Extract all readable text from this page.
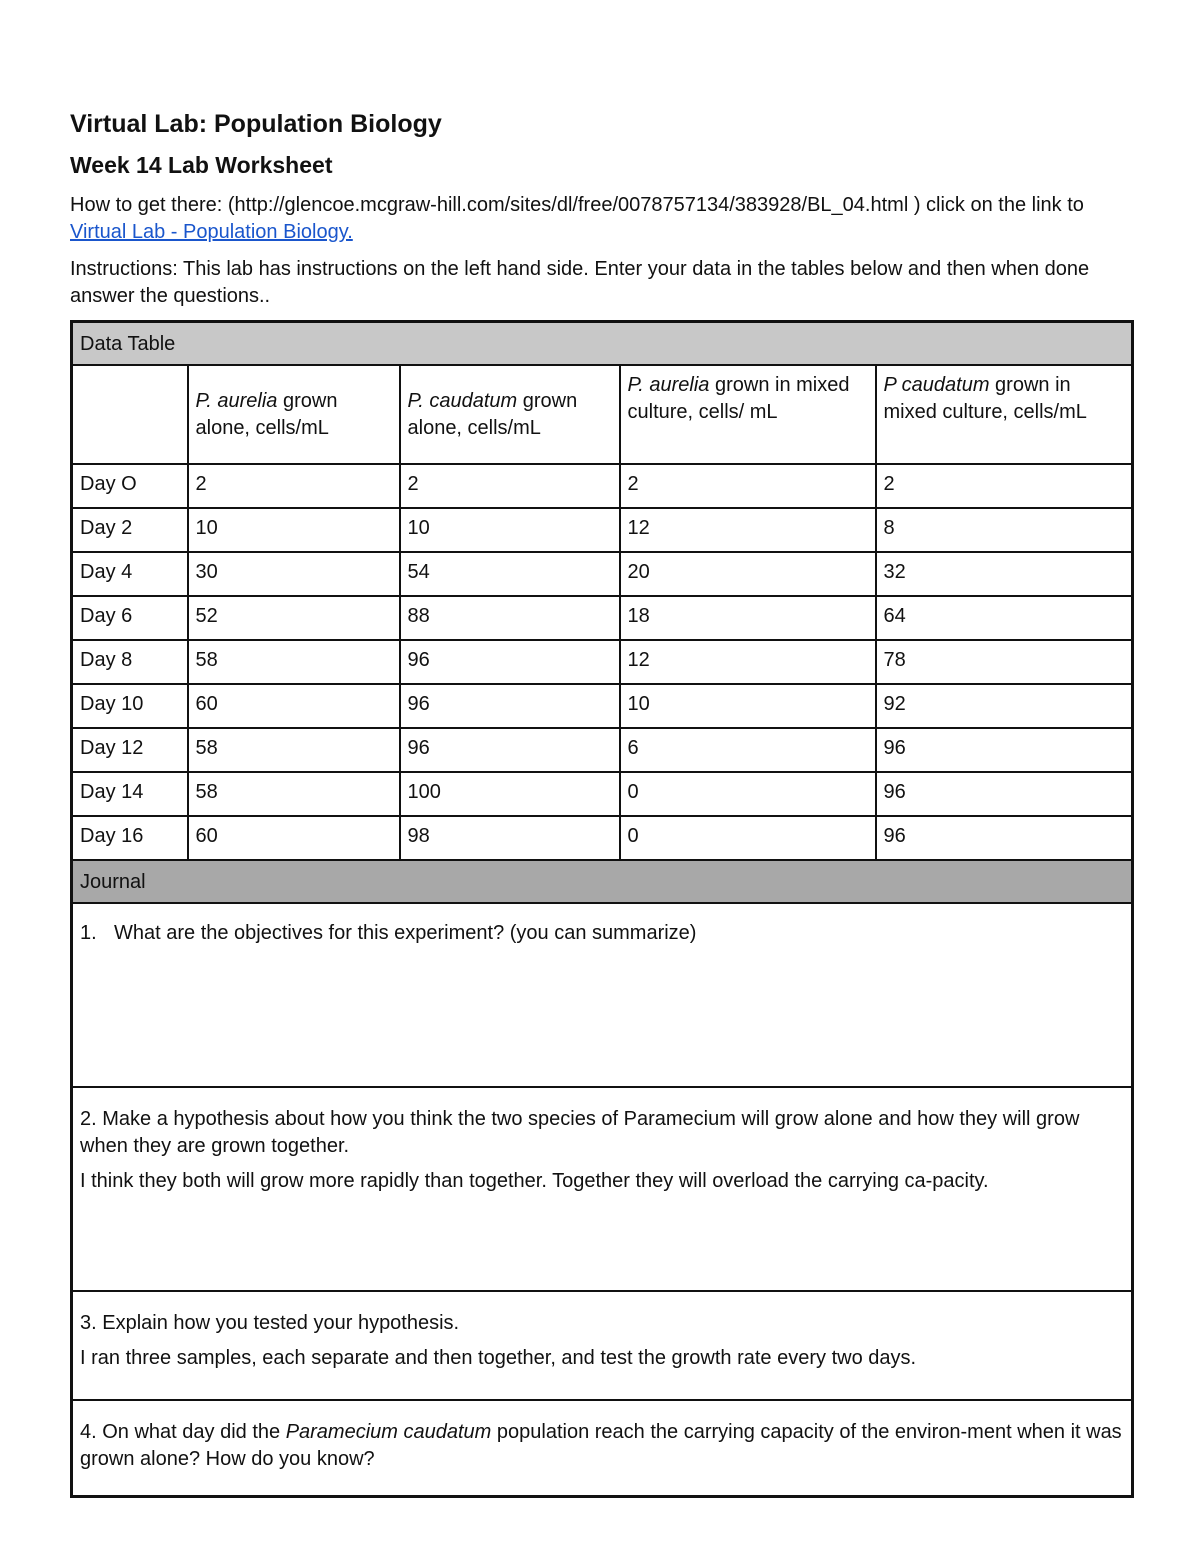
Virtual Lab: Population Biology
Week 14 Lab Worksheet

How to get there: (http://glencoe.mcgraw-hill.com/sites/dl/free/0078757134/383928/BL_04.html ) click on the link to Virtual Lab - Population Biology.

Instructions: This lab has instructions on the left hand side. Enter your data in the tables below and then when done answer the questions..

Data Table				
	P. aurelia grown alone, cells/mL	P. caudatum grown alone, cells/mL	P. aurelia grown in mixed culture, cells/ mL	P caudatum grown in mixed culture, cells/mL
Day O	2	2	2	2
Day 2	10	10	12	8
Day 4	30	54	20	32
Day 6	52	88	18	64
Day 8	58	96	12	78
Day 10	60	96	10	92
Day 12	58	96	6	96
Day 14	58	100	0	96
Day 16	60	98	0	96
Journal				
1. What are the objectives for this experiment? (you can summarize)				

2. Make a hypothesis about how you think the two species of Paramecium will grow alone and how they will grow when they are grown together.
I think they both will grow more rapidly than together. Together they will overload the carrying ca-pacity.				

3. Explain how you tested your hypothesis.
I ran three samples, each separate and then together, and test the growth rate every two days.				

4. On what day did the Paramecium caudatum population reach the carrying capacity of the environ-ment when it was grown alone? How do you know?				
